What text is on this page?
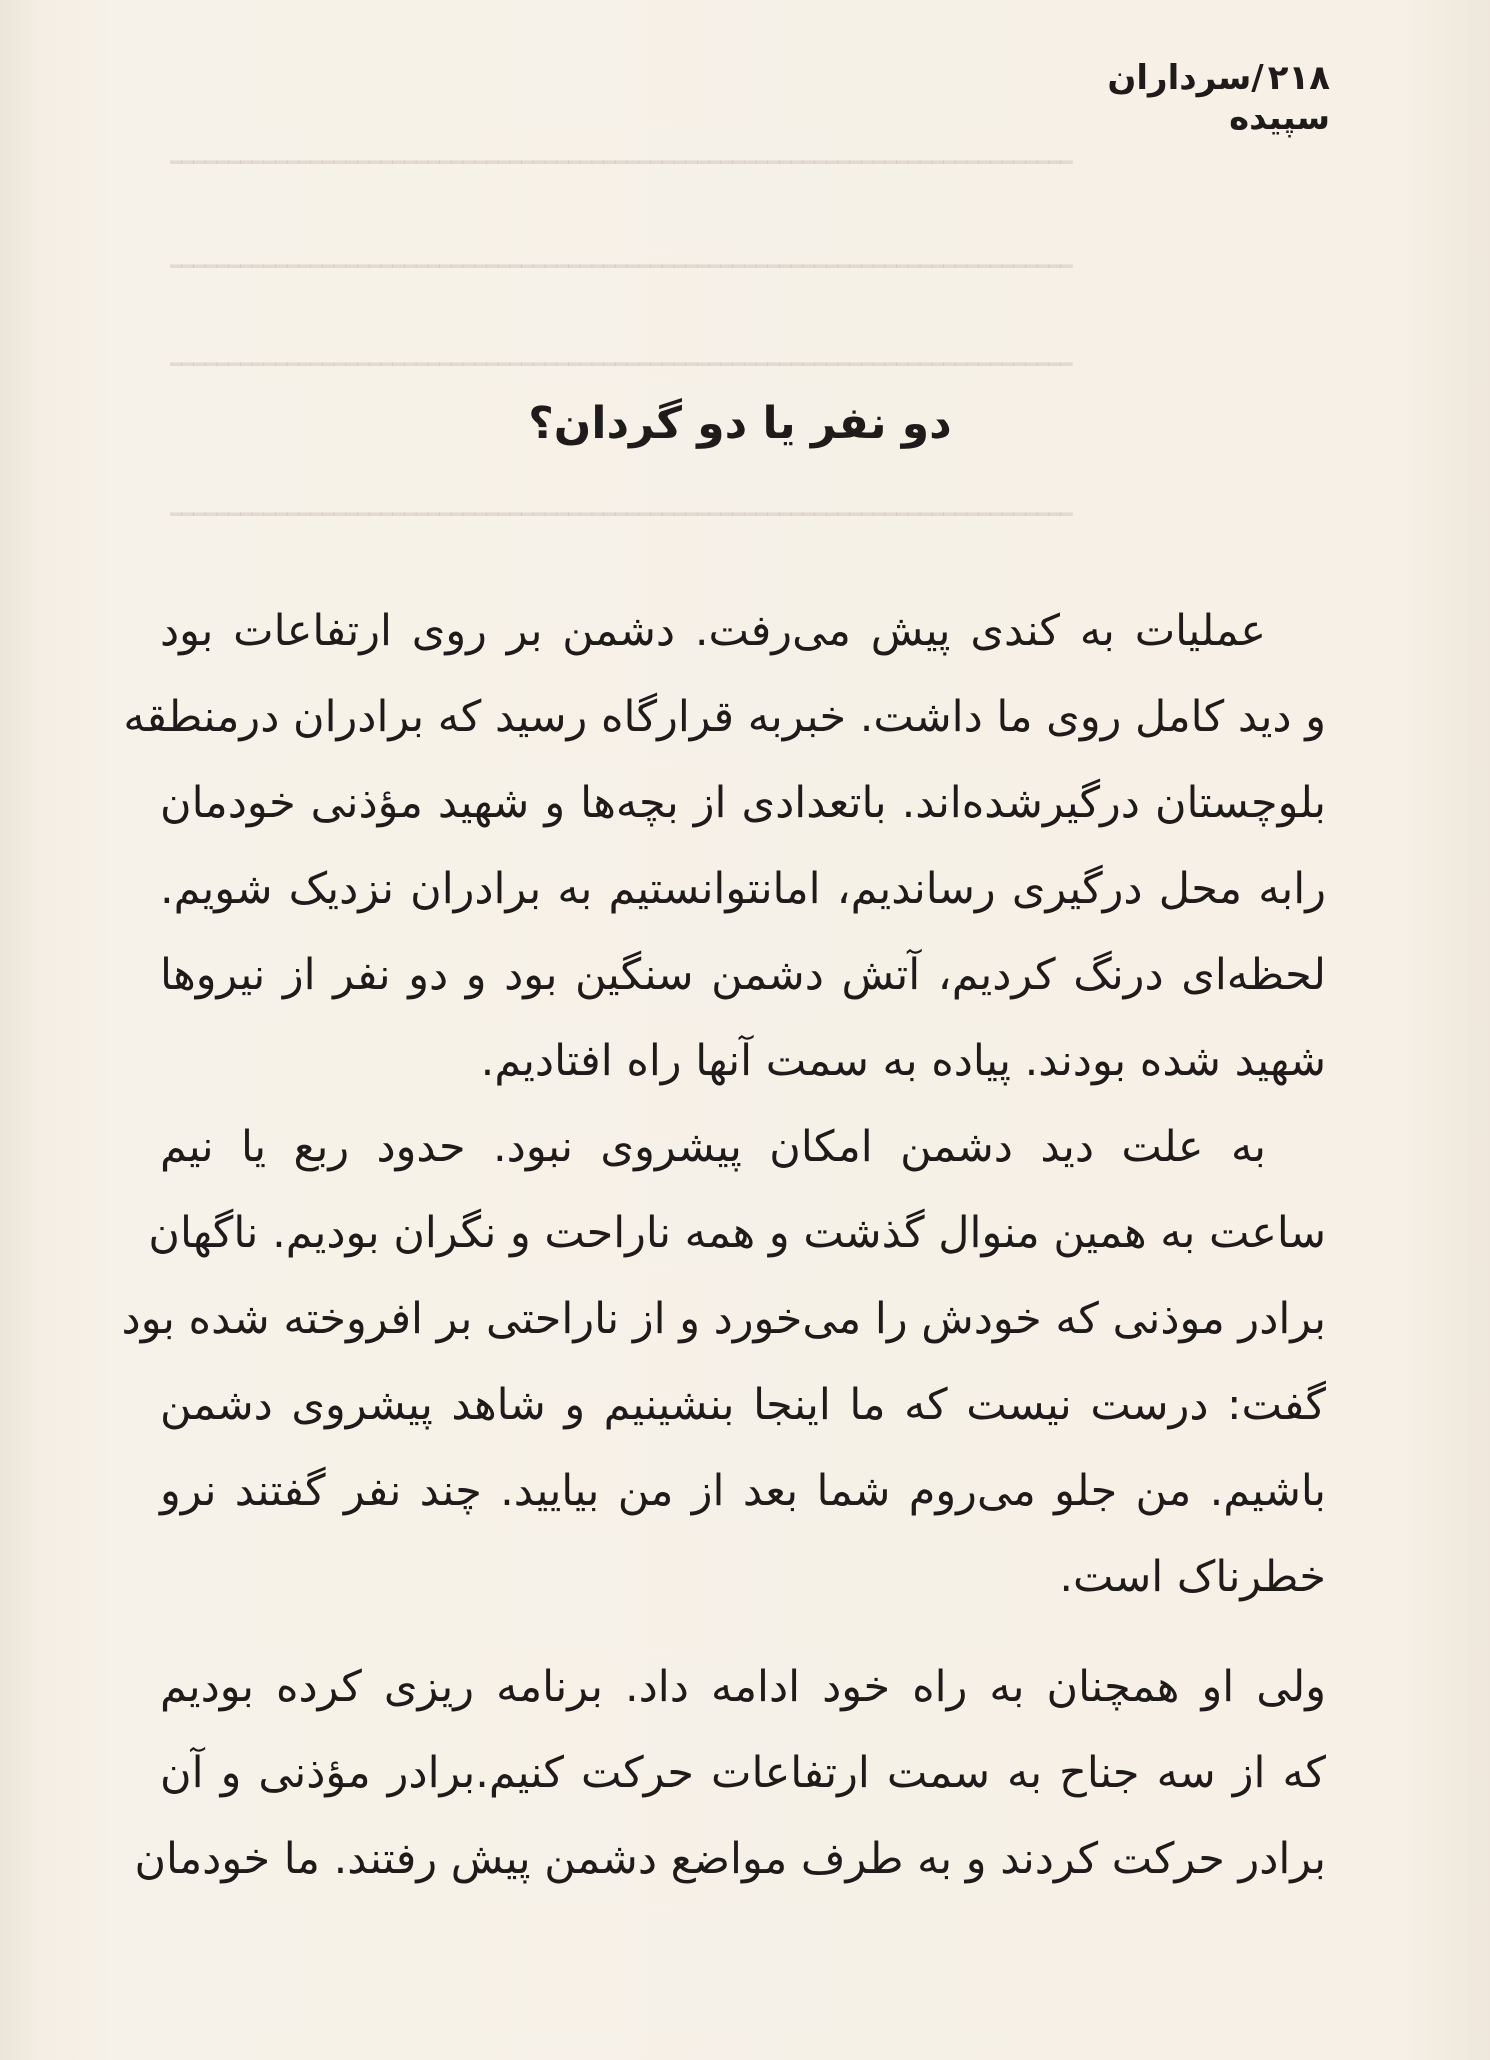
ـــــــــــــــــــــــــــــــــــــــــــــــــــــــــــــــــــــــــــــ
ـــــــــــــــــــــــــــــــــــــــــــــــــــــــــــــــــــــــــــــ
ـــــــــــــــــــــــــــــــــــــــــــــــــــــــــــــــــــــــــــــ
ـــــــــــــــــــــــــــــــــــــــــــــــــــــــــــــــــــــــــــــ
۲۱۸/سرداران سپیده
دو نفر یا دو گردان؟
عملیات به کندی پیش می‌رفت. دشمن بر روی ارتفاعات بود
و دید کامل روی ما داشت. خبربه قرارگاه رسید که برادران درمنطقه
بلوچستان درگیرشده‌اند. باتعدادی از بچه‌ها و شهید مؤذنی خودمان
رابه محل درگیری رساندیم، امانتوانستیم به برادران نزدیک شویم.
لحظه‌ای درنگ کردیم، آتش دشمن سنگین بود و دو نفر از نیروها
شهید شده بودند. پیاده به سمت آنها راه افتادیم.
به علت دید دشمن امکان پیشروی نبود. حدود ربع یا نیم
ساعت به همین منوال گذشت و همه ناراحت و نگران بودیم. ناگهان
برادر موذنی که خودش را می‌خورد و از ناراحتی بر افروخته شده بود
گفت: درست نیست که ما اینجا بنشینیم و شاهد پیشروی دشمن
باشیم. من جلو می‌روم شما بعد از من بیایید. چند نفر گفتند نرو
خطرناک است.
ولی او همچنان به راه خود ادامه داد. برنامه ریزی کرده بودیم
که از سه جناح به سمت ارتفاعات حرکت کنیم.برادر مؤذنی و آن
برادر حرکت کردند و به طرف مواضع دشمن پیش رفتند. ما خودمان
